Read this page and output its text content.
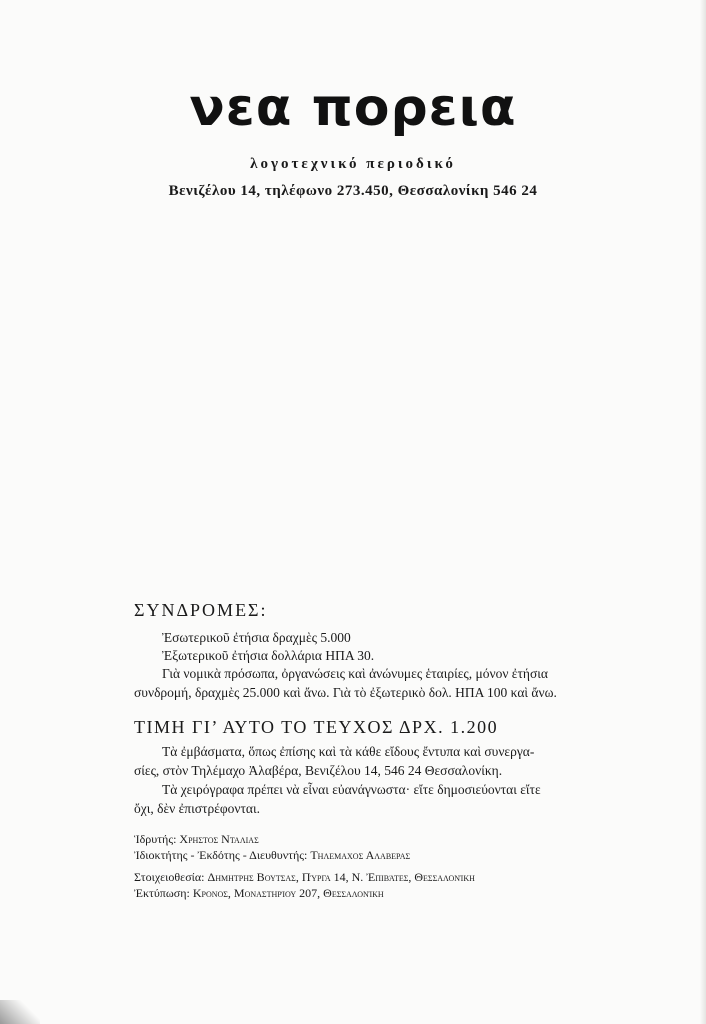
νεα πορεια
λογοτεχνικό περιοδικό
Βενιζέλου 14, τηλέφωνο 273.450, Θεσσαλονίκη 546 24
ΣΥΝΔΡΟΜΕΣ:
Ἐσωτερικοῦ ἐτήσια δραχμὲς 5.000
Ἐξωτερικοῦ ἐτήσια δολλάρια ΗΠΑ 30.
Γιὰ νομικὰ πρόσωπα, ὀργανώσεις καὶ ἀνώνυμες ἑταιρίες, μόνον ἐτήσια
συνδρομή, δραχμὲς 25.000 καὶ ἄνω. Γιὰ τὸ ἐξωτερικὸ δολ. ΗΠΑ 100 καὶ ἄνω.
ΤΙΜΗ ΓΙ’ ΑΥΤΟ ΤΟ ΤΕΥΧΟΣ ΔΡΧ. 1.200
Τὰ ἐμβάσματα, ὅπως ἐπίσης καὶ τὰ κάθε εἴδους ἔντυπα καὶ συνεργα-
σίες, στὸν Τηλέμαχο Ἀλαβέρα, Βενιζέλου 14, 546 24 Θεσσαλονίκη.
Τὰ χειρόγραφα πρέπει νὰ εἶναι εὐανάγνωστα· εἴτε δημοσιεύονται εἴτε
ὄχι, δὲν ἐπιστρέφονται.
Ἱδρυτής: Χρηστος Νταλιας
Ἰδιοκτήτης - Ἐκδότης - Διευθυντής: Τηλεμαχος Αλαβερας
Στοιχειοθεσία: Δημητρης Βουτσας, Πύργα 14, Ν. Ἐπιβάτες, Θεσσαλονίκη
Ἐκτύπωση: Κρονος, Μοναστηρίου 207, Θεσσαλονίκη
